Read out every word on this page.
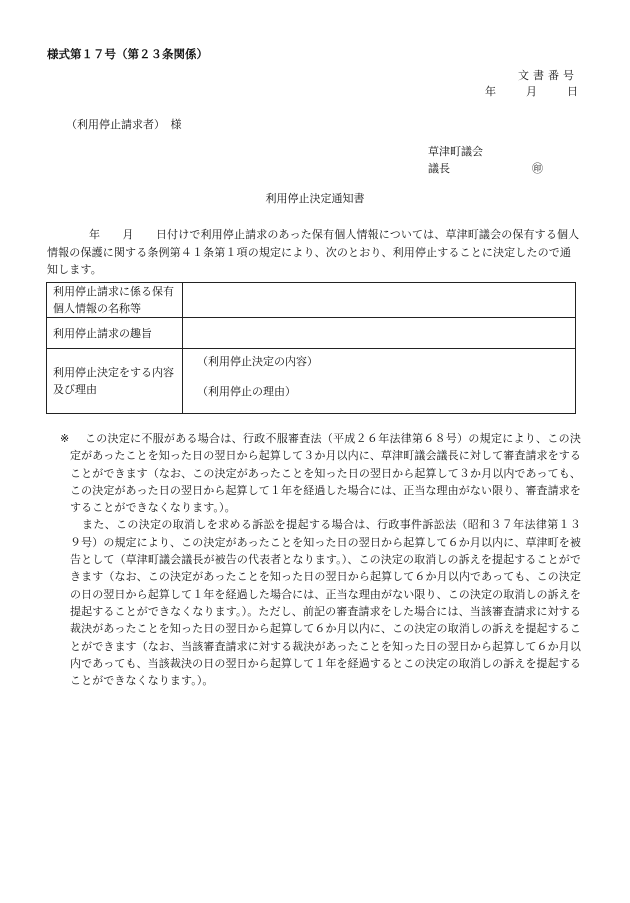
様式第１７号（第２３条関係）
文書番号
年	月	日
（利用停止請求者）　様
草津町議会
議長	㊞
利用停止決定通知書

年　　月　　日付けで利用停止請求のあった保有個人情報については、草津町議会の保有する個人情報の保護に関する条例第４１条第１項の規定により、次のとおり、利用停止することに決定したので通知します。

利用停止請求に係る保有個人情報の名称等	
利用停止請求の趣旨	
利用停止決定をする内容及び理由	（利用停止決定の内容）
（利用停止の理由）
※	この決定に不服がある場合は、行政不服審査法（平成２６年法律第６８号）の規定により、この決定があったことを知った日の翌日から起算して３か月以内に、草津町議会議長に対して審査請求をすることができます（なお、この決定があったことを知った日の翌日から起算して３か月以内であっても、この決定があった日の翌日から起算して１年を経過した場合には、正当な理由がない限り、審査請求をすることができなくなります。）。

また、この決定の取消しを求める訴訟を提起する場合は、行政事件訴訟法（昭和３７年法律第１３９号）の規定により、この決定があったことを知った日の翌日から起算して６か月以内に、草津町を被告として（草津町議会議長が被告の代表者となります。）、この決定の取消しの訴えを提起することができます（なお、この決定があったことを知った日の翌日から起算して６か月以内であっても、この決定の日の翌日から起算して１年を経過した場合には、正当な理由がない限り、この決定の取消しの訴えを提起することができなくなります。）。ただし、前記の審査請求をした場合には、当該審査請求に対する裁決があったことを知った日の翌日から起算して６か月以内に、この決定の取消しの訴えを提起することができます（なお、当該審査請求に対する裁決があったことを知った日の翌日から起算して６か月以内であっても、当該裁決の日の翌日から起算して１年を経過するとこの決定の取消しの訴えを提起することができなくなります。）。
